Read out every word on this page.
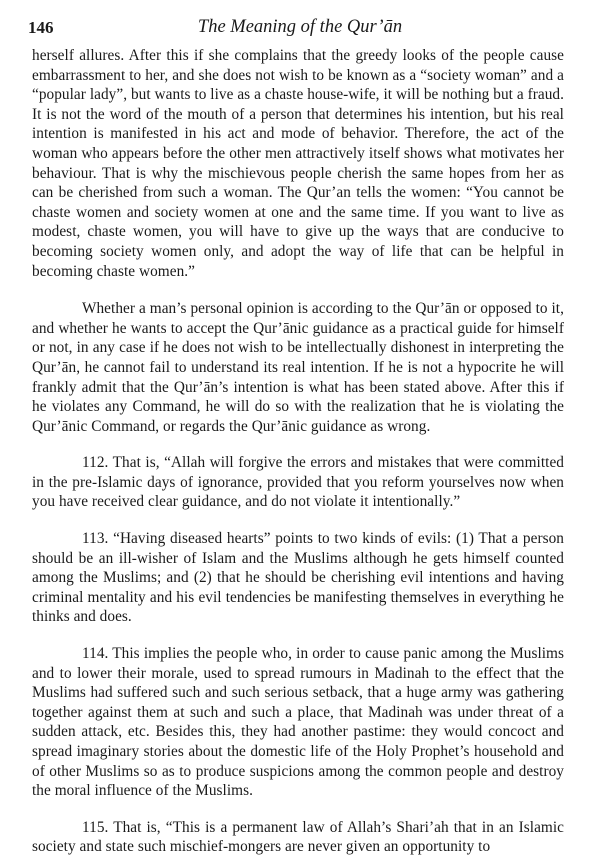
146	The Meaning of the Qur’ān

herself allures. After this if she complains that the greedy looks of the people cause embarrassment to her, and she does not wish to be known as a “society woman” and a “popular lady”, but wants to live as a chaste house-wife, it will be nothing but a fraud. It is not the word of the mouth of a person that determines his intention, but his real intention is manifested in his act and mode of behavior. Therefore, the act of the woman who appears before the other men attractively itself shows what motivates her behaviour. That is why the mischievous people cherish the same hopes from her as can be cherished from such a woman. The Qur’an tells the women: “You cannot be chaste women and society women at one and the same time. If you want to live as modest, chaste women, you will have to give up the ways that are conducive to becoming society women only, and adopt the way of life that can be helpful in becoming chaste women.”

Whether a man’s personal opinion is according to the Qur’ān or opposed to it, and whether he wants to accept the Qur’ānic guidance as a practical guide for himself or not, in any case if he does not wish to be intellectually dishonest in interpreting the Qur’ān, he cannot fail to understand its real intention. If he is not a hypocrite he will frankly admit that the Qur’ān’s intention is what has been stated above. After this if he violates any Command, he will do so with the realization that he is violating the Qur’ānic Command, or regards the Qur’ānic guidance as wrong.

112. That is, “Allah will forgive the errors and mistakes that were committed in the pre-Islamic days of ignorance, provided that you reform yourselves now when you have received clear guidance, and do not violate it intentionally.”

113. “Having diseased hearts” points to two kinds of evils: (1) That a person should be an ill-wisher of Islam and the Muslims although he gets himself counted among the Muslims; and (2) that he should be cherishing evil intentions and having criminal mentality and his evil tendencies be manifesting themselves in everything he thinks and does.

114. This implies the people who, in order to cause panic among the Muslims and to lower their morale, used to spread rumours in Madinah to the effect that the Muslims had suffered such and such serious setback, that a huge army was gathering together against them at such and such a place, that Madinah was under threat of a sudden attack, etc. Besides this, they had another pastime: they would concoct and spread imaginary stories about the domestic life of the Holy Prophet’s household and of other Muslims so as to produce suspicions among the common people and destroy the moral influence of the Muslims.

115. That is, “This is a permanent law of Allah’s Shari’ah that in an Islamic society and state such mischief-mongers are never given an opportunity to
